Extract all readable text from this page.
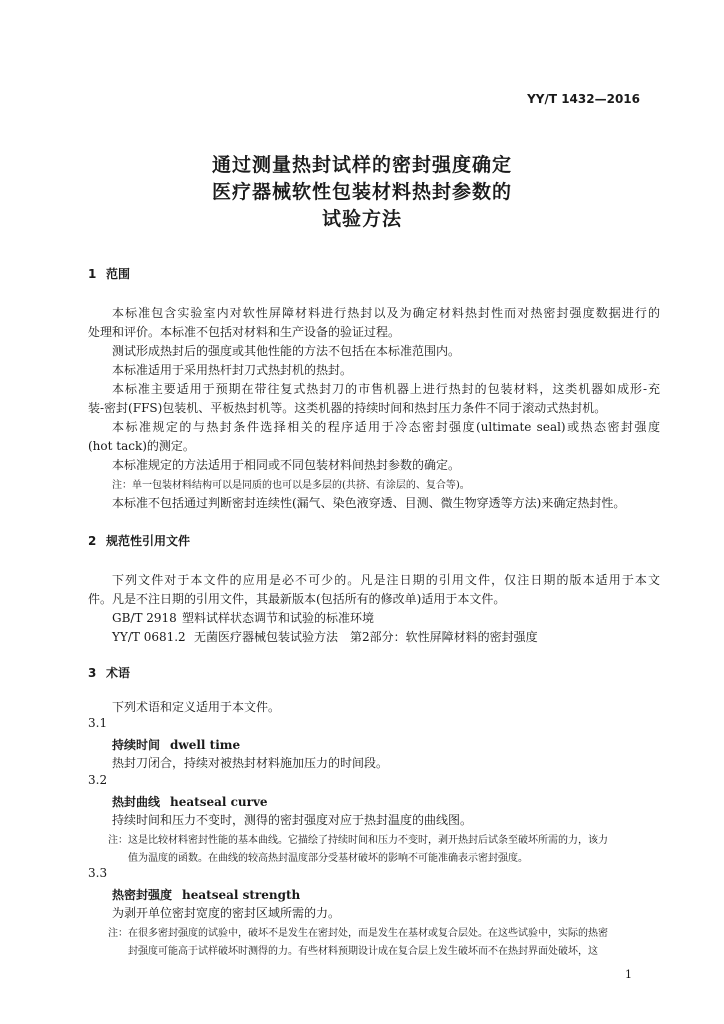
YY/T 1432—2016
通过测量热封试样的密封强度确定
医疗器械软性包装材料热封参数的
试验方法
1 范围
本标准包含实验室内对软性屏障材料进行热封以及为确定材料热封性而对热密封强度数据进行的
处理和评价。本标准不包括对材料和生产设备的验证过程。
测试形成热封后的强度或其他性能的方法不包括在本标准范围内。
本标准适用于采用热杆封刀式热封机的热封。
本标准主要适用于预期在带往复式热封刀的市售机器上进行热封的包装材料，这类机器如成形-充
装-密封(FFS)包装机、平板热封机等。这类机器的持续时间和热封压力条件不同于滚动式热封机。
本标准规定的与热封条件选择相关的程序适用于冷态密封强度(ultimate seal)或热态密封强度
(hot tack)的测定。
本标准规定的方法适用于相同或不同包装材料间热封参数的确定。
注：单一包装材料结构可以是同质的也可以是多层的(共挤、有涂层的、复合等)。
本标准不包括通过判断密封连续性(漏气、染色液穿透、目测、微生物穿透等方法)来确定热封性。
2 规范性引用文件
下列文件对于本文件的应用是必不可少的。凡是注日期的引用文件，仅注日期的版本适用于本文
件。凡是不注日期的引用文件，其最新版本(包括所有的修改单)适用于本文件。
GB/T 2918 塑料试样状态调节和试验的标准环境
YY/T 0681.2 无菌医疗器械包装试验方法　第2部分：软性屏障材料的密封强度
3 术语
下列术语和定义适用于本文件。
3.1
持续时间 dwell time
热封刀闭合，持续对被热封材料施加压力的时间段。
3.2
热封曲线 heatseal curve
持续时间和压力不变时，测得的密封强度对应于热封温度的曲线图。
注：这是比较材料密封性能的基本曲线。它描绘了持续时间和压力不变时，剥开热封后试条至破坏所需的力，该力
值为温度的函数。在曲线的较高热封温度部分受基材破坏的影响不可能准确表示密封强度。
3.3
热密封强度 heatseal strength
为剥开单位密封宽度的密封区域所需的力。
注：在很多密封强度的试验中，破坏不是发生在密封处，而是发生在基材或复合层处。在这些试验中，实际的热密
封强度可能高于试样破坏时测得的力。有些材料预期设计成在复合层上发生破坏而不在热封界面处破坏，这
1
